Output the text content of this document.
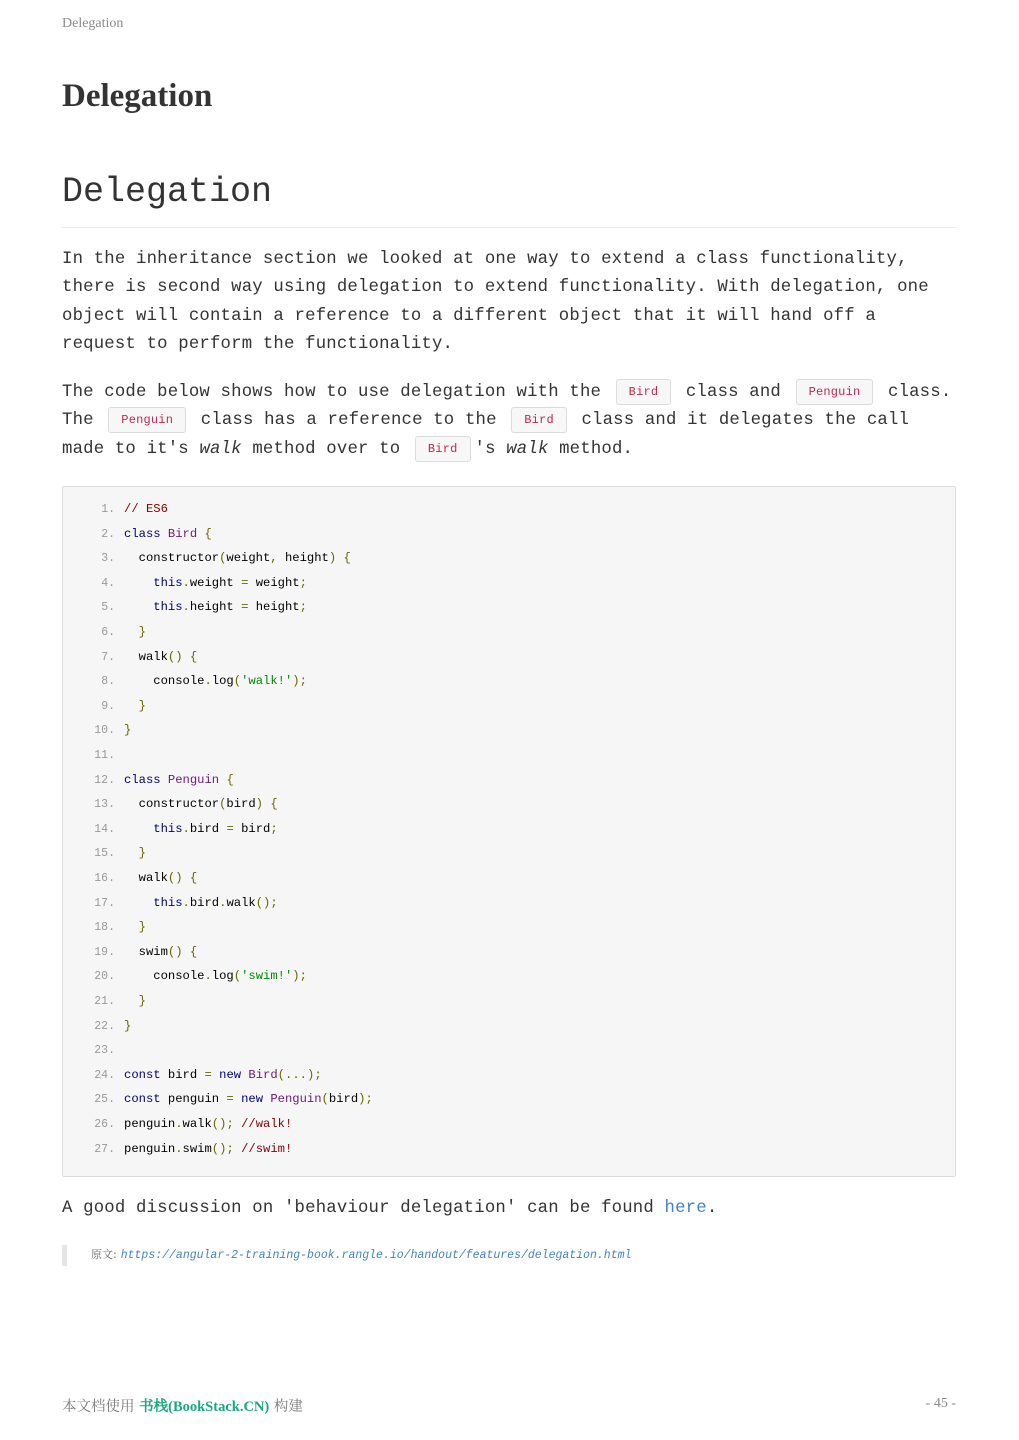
Delegation
Delegation
Delegation

In the inheritance section we looked at one way to extend a class functionality, there is second way using delegation to extend functionality. With delegation, one object will contain a reference to a different object that it will hand off a request to perform the functionality.

The code below shows how to use delegation with the Bird class and Penguin class. The Penguin class has a reference to the Bird class and it delegates the call made to it's walk method over to Bird 's walk method.

1. // ES6
2. class Bird {
3.  constructor(weight, height) {
4.	this.weight = weight;
5.	this.height = height;
6. }
7.  walk() {
8.    console.log('walk!');
9. }
10. }
11.
12. class Penguin {
13.  constructor(bird) {
14.	this.bird = bird;
15. }
16.  walk() {
17.	this.bird.walk();
18. }
19.  swim() {
20.    console.log('swim!');
21. }
22. }
23.
24. const bird = new Bird(...);
25. const penguin = new Penguin(bird);
26. penguin.walk(); //walk!
27. penguin.swim(); //swim!

A good discussion on 'behaviour delegation' can be found here.

原文: https://angular-2-training-book.rangle.io/handout/features/delegation.html
本文档使用 书栈(BookStack.CN) 构建	- 45 -
